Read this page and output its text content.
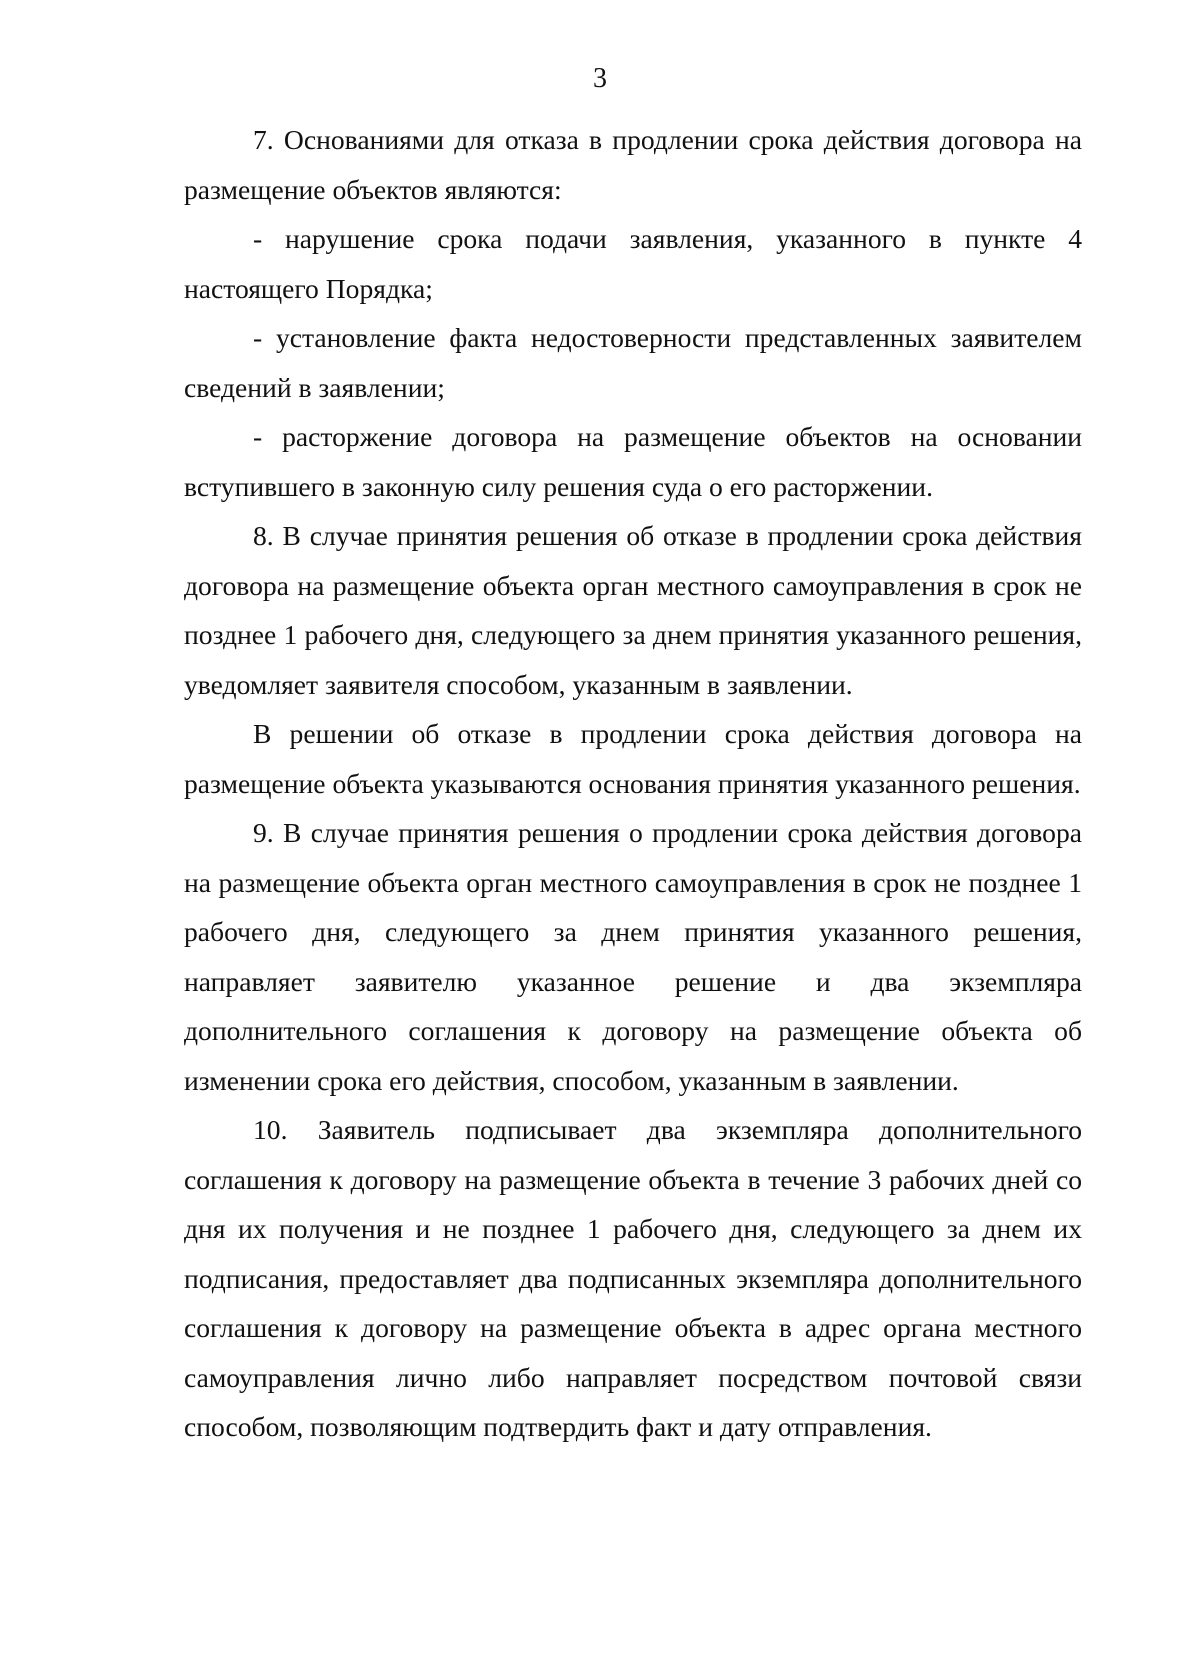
3

7. Основаниями для отказа в продлении срока действия договора на размещение объектов являются:

- нарушение срока подачи заявления, указанного в пункте 4 настоящего Порядка;

- установление факта недостоверности представленных заявителем сведений в заявлении;

- расторжение договора на размещение объектов на основании вступившего в законную силу решения суда о его расторжении.

8. В случае принятия решения об отказе в продлении срока действия договора на размещение объекта орган местного самоуправления в срок не позднее 1 рабочего дня, следующего за днем принятия указанного решения, уведомляет заявителя способом, указанным в заявлении.

В решении об отказе в продлении срока действия договора на размещение объекта указываются основания принятия указанного решения.

9. В случае принятия решения о продлении срока действия договора на размещение объекта орган местного самоуправления в срок не позднее 1 рабочего дня, следующего за днем принятия указанного решения, направляет заявителю указанное решение и два экземпляра дополнительного соглашения к договору на размещение объекта об изменении срока его действия, способом, указанным в заявлении.

10. Заявитель подписывает два экземпляра дополнительного соглашения к договору на размещение объекта в течение 3 рабочих дней со дня их получения и не позднее 1 рабочего дня, следующего за днем их подписания, предоставляет два подписанных экземпляра дополнительного соглашения к договору на размещение объекта в адрес органа местного самоуправления лично либо направляет посредством почтовой связи способом, позволяющим подтвердить факт и дату отправления.
